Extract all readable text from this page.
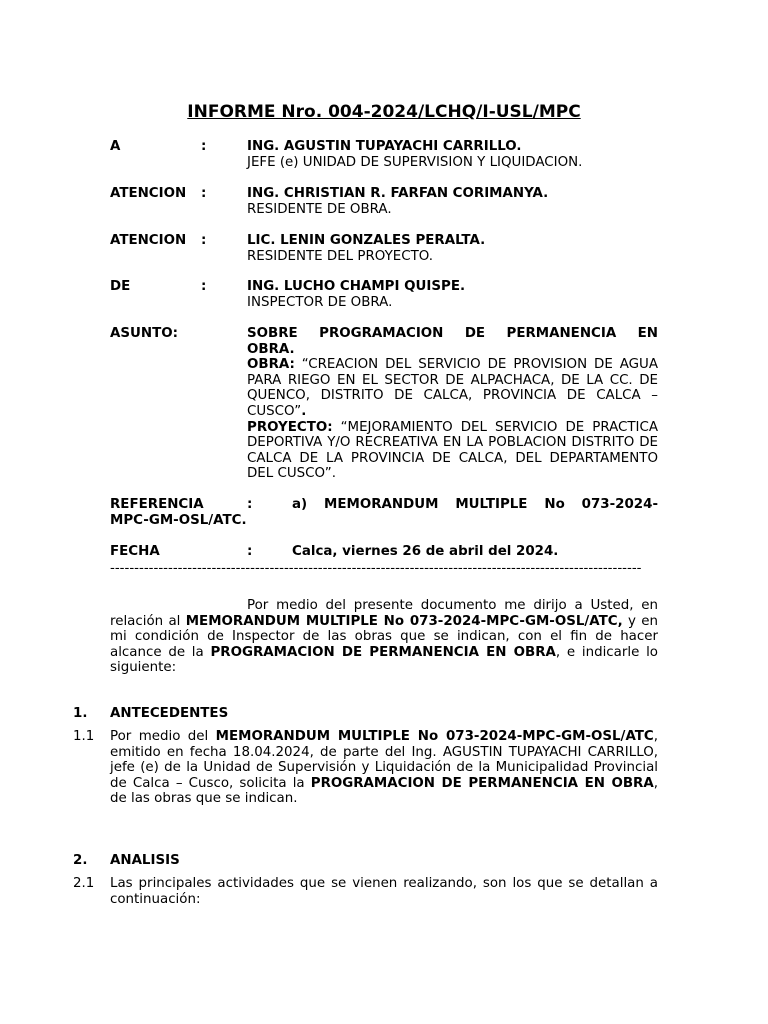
INFORME Nro. 004-2024/LCHQ/I-USL/MPC
A	:	ING. AGUSTIN TUPAYACHI CARRILLO.
JEFE (e) UNIDAD DE SUPERVISION Y LIQUIDACION.
ATENCION :	ING. CHRISTIAN R. FARFAN CORIMANYA.
RESIDENTE DE OBRA.
ATENCION :	LIC. LENIN GONZALES PERALTA.
RESIDENTE DEL PROYECTO.
DE	:	ING. LUCHO CHAMPI QUISPE.
INSPECTOR DE OBRA.
ASUNTO:	SOBRE PROGRAMACION DE PERMANENCIA EN
OBRA.
OBRA: “CREACION DEL SERVICIO DE PROVISION DE AGUA PARA RIEGO EN EL SECTOR DE ALPACHACA, DE LA CC. DE QUENCO, DISTRITO DE CALCA, PROVINCIA DE CALCA – CUSCO”.
PROYECTO: “MEJORAMIENTO DEL SERVICIO DE PRACTICA DEPORTIVA Y/O RECREATIVA EN LA POBLACION DISTRITO DE CALCA DE LA PROVINCIA DE CALCA, DEL DEPARTAMENTO DEL CUSCO”.
REFERENCIA	:	a) MEMORANDUM MULTIPLE No 073-2024-
MPC-GM-OSL/ATC.
FECHA	:	Calca, viernes 26 de abril del 2024.
--------------------------------------------------------------------------------------------------------------
Por medio del presente documento me dirijo a Usted, en relación al MEMORANDUM MULTIPLE No 073-2024-MPC-GM-OSL/ATC, y en mi condición de Inspector de las obras que se indican, con el fin de hacer alcance de la PROGRAMACION DE PERMANENCIA EN OBRA, e indicarle lo siguiente:
1. ANTECEDENTES
1.1 Por medio del MEMORANDUM MULTIPLE No 073-2024-MPC-GM-OSL/ATC, emitido en fecha 18.04.2024, de parte del Ing. AGUSTIN TUPAYACHI CARRILLO, jefe (e) de la Unidad de Supervisión y Liquidación de la Municipalidad Provincial de Calca – Cusco, solicita la PROGRAMACION DE PERMANENCIA EN OBRA, de las obras que se indican.
2. ANALISIS
2.1 Las principales actividades que se vienen realizando, son los que se detallan a continuación:
